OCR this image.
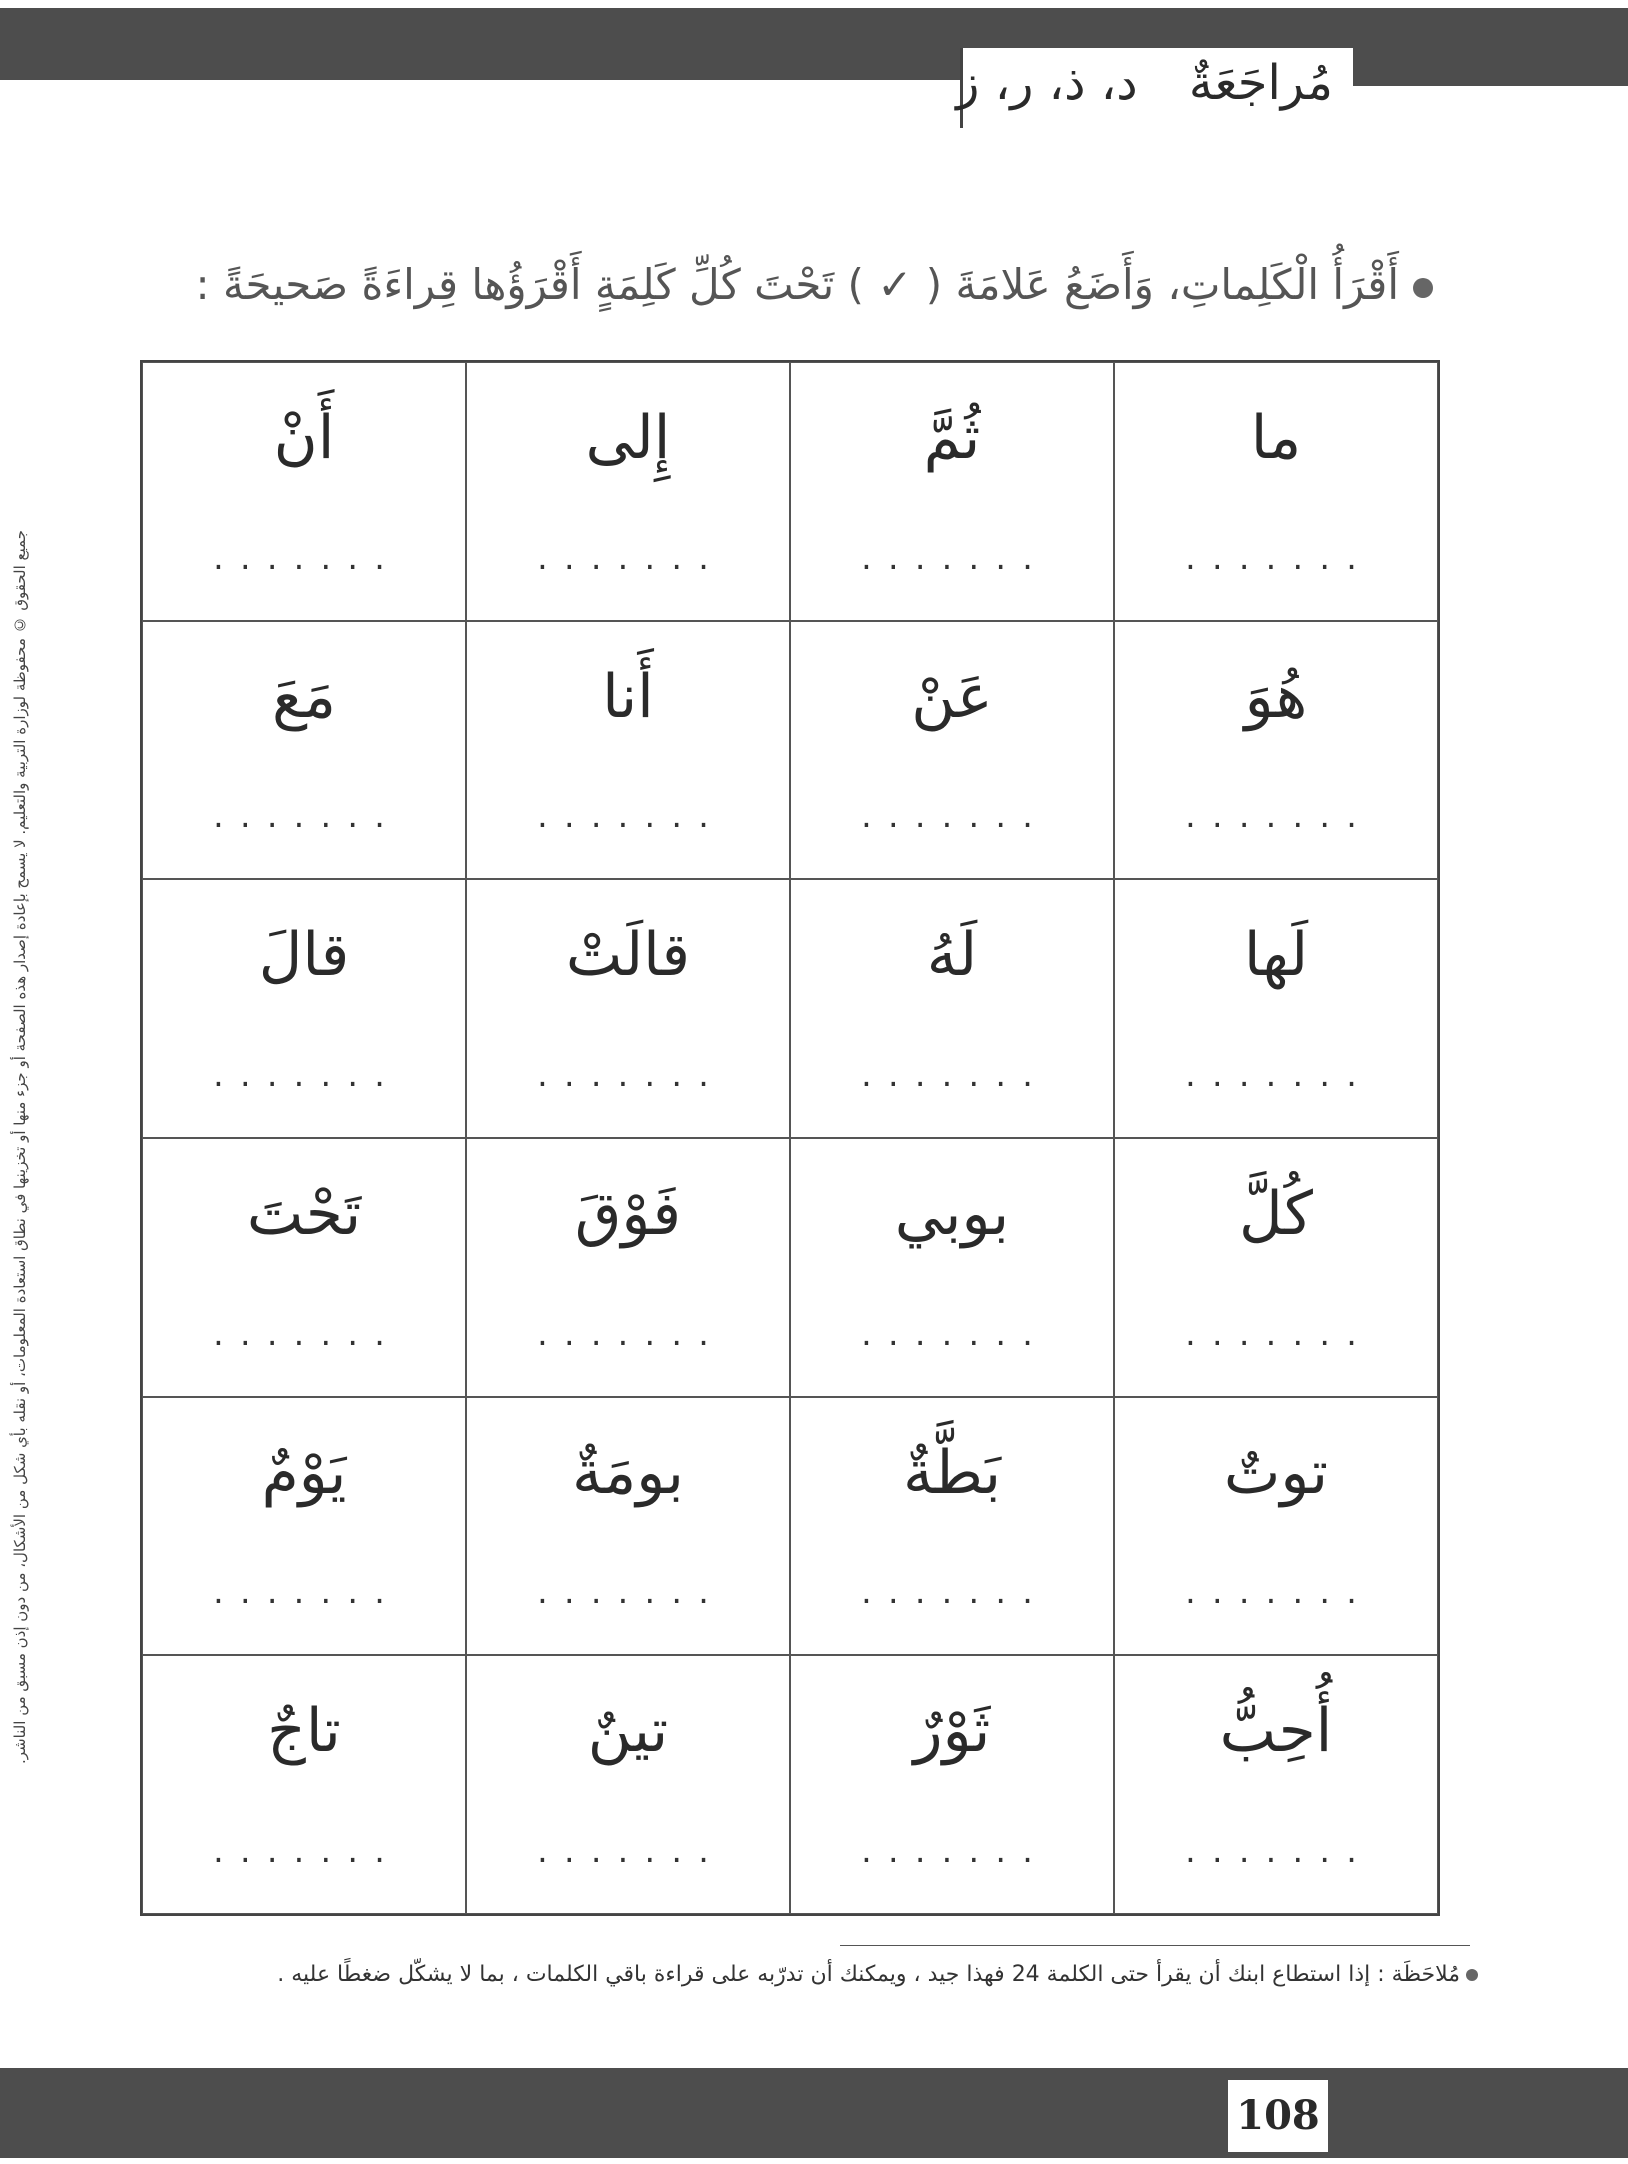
مُراجَعَةٌ د، ذ، ر، ز
جميع الحقوق © محفوظة لوزارة التربية والتعليم. لا يسمح بإعادة إصدار هذه الصفحة أو جزء منها أو تخزينها في نطاق استعادة المعلومات، أو نقله بأي شكل من الأشكال، من دون إذن مسبق من الناشر.
أَقْرَأُ الْكَلِماتِ، وَأَضَعُ عَلامَةَ ( ✓ ) تَحْتَ كُلِّ كَلِمَةٍ أَقْرَؤُها قِراءَةً صَحيحَةً :
ما
.......
ثُمَّ
.......
إِلى
.......
أَنْ
.......
هُوَ
.......
عَنْ
.......
أَنا
.......
مَعَ
.......
لَها
.......
لَهُ
.......
قالَتْ
.......
قالَ
.......
كُلَّ
.......
بوبي
.......
فَوْقَ
.......
تَحْتَ
.......
توتٌ
.......
بَطَّةٌ
.......
بومَةٌ
.......
يَوْمٌ
.......
أُحِبُّ
.......
ثَوْرٌ
.......
تينٌ
.......
تاجٌ
.......
مُلاحَظَة : إذا استطاع ابنك أن يقرأ حتى الكلمة 24 فهذا جيد ، ويمكنك أن تدرّبه على قراءة باقي الكلمات ، بما لا يشكّل ضغطًا عليه .
108
